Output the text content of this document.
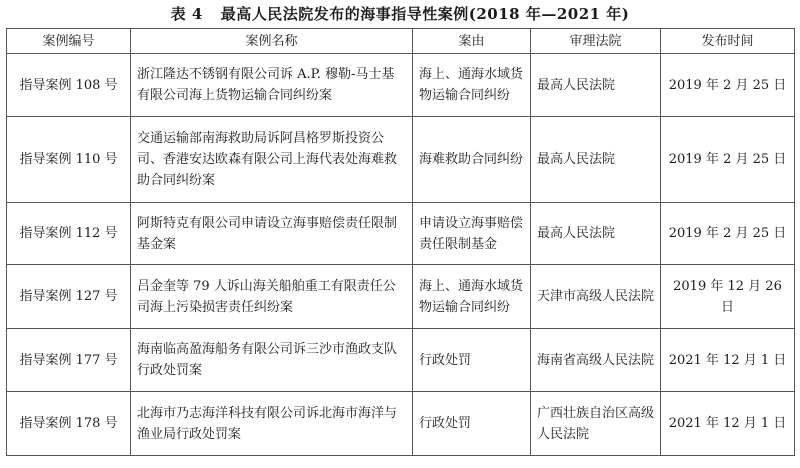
表 4 最高人民法院发布的海事指导性案例(2018 年—2021 年)
案例编号	案例名称	案由	审理法院	发布时间
指导案例 108 号	浙江隆达不锈钢有限公司诉 A.P. 穆勒-马士基有限公司海上货物运输合同纠纷案	海上、通海水域货物运输合同纠纷	最高人民法院	2019 年 2 月 25 日
指导案例 110 号	交通运输部南海救助局诉阿昌格罗斯投资公司、香港安达欧森有限公司上海代表处海难救助合同纠纷案	海难救助合同纠纷	最高人民法院	2019 年 2 月 25 日
指导案例 112 号	阿斯特克有限公司申请设立海事赔偿责任限制基金案	申请设立海事赔偿责任限制基金	最高人民法院	2019 年 2 月 25 日
指导案例 127 号	吕金奎等 79 人诉山海关船舶重工有限责任公司海上污染损害责任纠纷案	海上、通海水域货物运输合同纠纷	天津市高级人民法院	2019 年 12 月 26 日
指导案例 177 号	海南临高盈海船务有限公司诉三沙市渔政支队行政处罚案	行政处罚	海南省高级人民法院	2021 年 12 月 1 日
指导案例 178 号	北海市乃志海洋科技有限公司诉北海市海洋与渔业局行政处罚案	行政处罚	广西壮族自治区高级人民法院	2021 年 12 月 1 日
